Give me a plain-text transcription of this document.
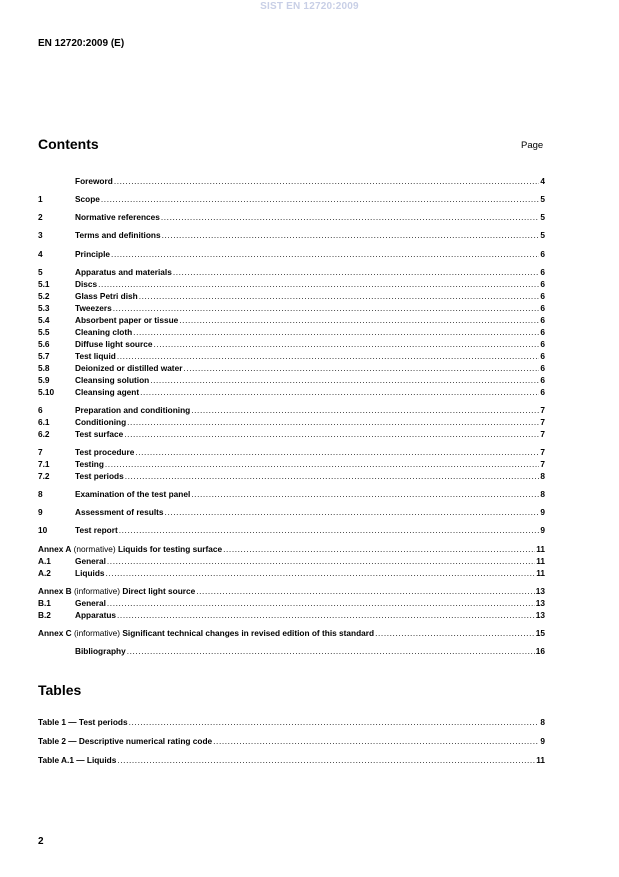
SIST EN 12720:2009
EN 12720:2009 (E)
Contents	Page
Foreword .....	4
1	Scope .....	5
2	Normative references .....	5
3	Terms and definitions .....	5
4	Principle .....	6
5	Apparatus and materials .....	6
5.1	Discs .....	6
5.2	Glass Petri dish .....	6
5.3	Tweezers .....	6
5.4	Absorbent paper or tissue .....	6
5.5	Cleaning cloth .....	6
5.6	Diffuse light source .....	6
5.7	Test liquid .....	6
5.8	Deionized or distilled water .....	6
5.9	Cleansing solution .....	6
5.10	Cleansing agent .....	6
6	Preparation and conditioning .....	7
6.1	Conditioning .....	7
6.2	Test surface .....	7
7	Test procedure .....	7
7.1	Testing .....	7
7.2	Test periods .....	8
8	Examination of the test panel .....	8
9	Assessment of results .....	9
10	Test report .....	9
Annex A (normative) Liquids for testing surface .....	11
A.1	General .....	11
A.2	Liquids .....	11
Annex B (informative) Direct light source .....	13
B.1	General .....	13
B.2	Apparatus .....	13
Annex C (informative) Significant technical changes in revised edition of this standard .....	15
Bibliography .....	16
Tables
Table 1 — Test periods .....	8
Table 2 — Descriptive numerical rating code .....	9
Table A.1 — Liquids .....	11
2
